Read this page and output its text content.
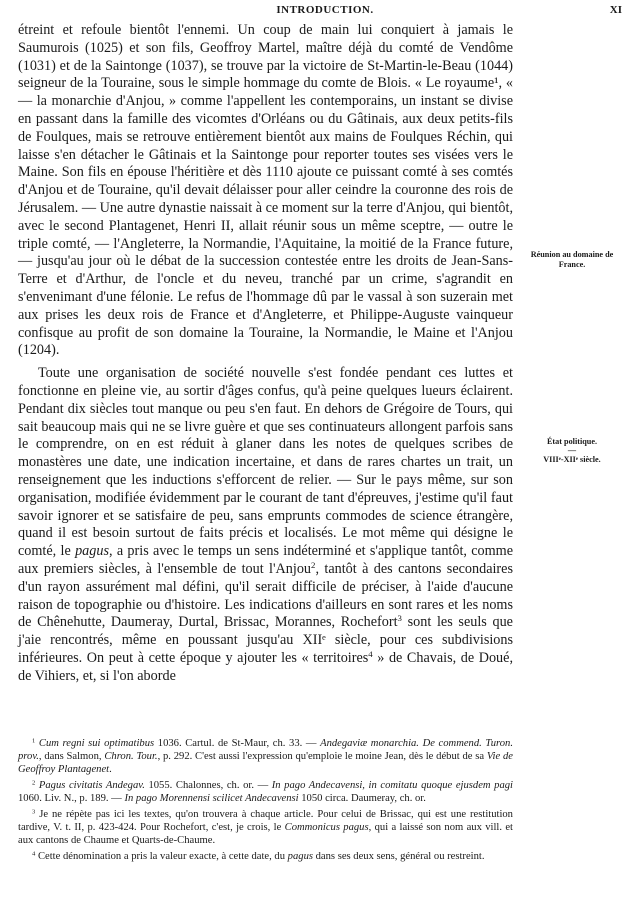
INTRODUCTION.	XI

étreint et refoule bientôt l'ennemi. Un coup de main lui conquiert à jamais le Saumurois (1025) et son fils, Geoffroy Martel, maître déjà du comté de Vendôme (1031) et de la Saintonge (1037), se trouve par la victoire de St-Martin-le-Beau (1044) seigneur de la Touraine, sous le simple hommage du comte de Blois. « Le royaume¹, « — la monarchie d'Anjou, » comme l'appellent les contemporains, un instant se divise en passant dans la famille des vicomtes d'Orléans ou du Gâtinais, aux deux petits-fils de Foulques, mais se retrouve entièrement bientôt aux mains de Foulques Réchin, qui laisse s'en détacher le Gâtinais et la Saintonge pour reporter toutes ses visées vers le Maine. Son fils en épouse l'héritière et dès 1110 ajoute ce puissant comté à ses comtés d'Anjou et de Touraine, qu'il devait délaisser pour aller ceindre la couronne des rois de Jérusalem. — Une autre dynastie naissait à ce moment sur la terre d'Anjou, qui bientôt, avec le second Plantagenet, Henri II, allait réunir sous un même sceptre, — outre le triple comté, — l'Angleterre, la Normandie, l'Aquitaine, la moitié de la France future, — jusqu'au jour où le débat de la succession contestée entre les droits de Jean-Sans-Terre et d'Arthur, de l'oncle et du neveu, tranché par un crime, s'agrandit en s'envenimant d'une félonie. Le refus de l'hommage dû par le vassal à son suzerain met aux prises les deux rois de France et d'Angleterre, et Philippe-Auguste vainqueur confisque au profit de son domaine la Touraine, la Normandie, le Maine et l'Anjou (1204).

Toute une organisation de société nouvelle s'est fondée pendant ces luttes et fonctionne en pleine vie, au sortir d'âges confus, qu'à peine quelques lueurs éclairent. Pendant dix siècles tout manque ou peu s'en faut. En dehors de Grégoire de Tours, qui sait beaucoup mais qui ne se livre guère et que ses continuateurs allongent parfois sans le comprendre, on en est réduit à glaner dans les notes de quelques scribes de monastères une date, une indication incertaine, et dans de rares chartes un trait, un renseignement que les inductions s'efforcent de relier. — Sur le pays même, sur son organisation, modifiée évidemment par le courant de tant d'épreuves, j'estime qu'il faut savoir ignorer et se satisfaire de peu, sans emprunts commodes de science étrangère, quand il est besoin surtout de faits précis et localisés. Le mot même qui désigne le comté, le pagus, a pris avec le temps un sens indéterminé et s'applique tantôt, comme aux premiers siècles, à l'ensemble de tout l'Anjou$^2$, tantôt à des cantons secondaires d'un rayon assurément mal défini, qu'il serait difficile de préciser, à l'aide d'aucune raison de topographie ou d'histoire. Les indications d'ailleurs en sont rares et les noms de Chênehutte, Daumeray, Durtal, Brissac, Morannes, Rochefort$^3$ sont les seuls que j'aie rencontrés, même en poussant jusqu'au XIIᵉ siècle, pour ces subdivisions inférieures. On peut à cette époque y ajouter les « territoires$^4$ » de Chavais, de Doué, de Vihiers, et, si l'on aborde

Réunion au domaine de France.
État politique.
—
VIIIᵉ-XIIᵉ siècle.

$^1$ Cum regni sui optimatibus 1036. Cartul. de St-Maur, ch. 33. — Andegaviæ monarchia. De commend. Turon. prov., dans Salmon, Chron. Tour., p. 292. C'est aussi l'expression qu'emploie le moine Jean, dès le début de sa Vie de Geoffroy Plantagenet.

$^2$ Pagus civitatis Andegav. 1055. Chalonnes, ch. or. — In pago Andecavensi, in comitatu quoque ejusdem pagi 1060. Liv. N., p. 189. — In pago Morennensi scilicet Andecavensi 1050 circa. Daumeray, ch. or.

$^3$ Je ne répète pas ici les textes, qu'on trouvera à chaque article. Pour celui de Brissac, qui est une restitution tardive, V. t. II, p. 423-424. Pour Rochefort, c'est, je crois, le Commonicus pagus, qui a laissé son nom aux vill. et aux cantons de Chaume et Quarts-de-Chaume.

$^4$ Cette dénomination a pris la valeur exacte, à cette date, du pagus dans ses deux sens, général ou restreint.
